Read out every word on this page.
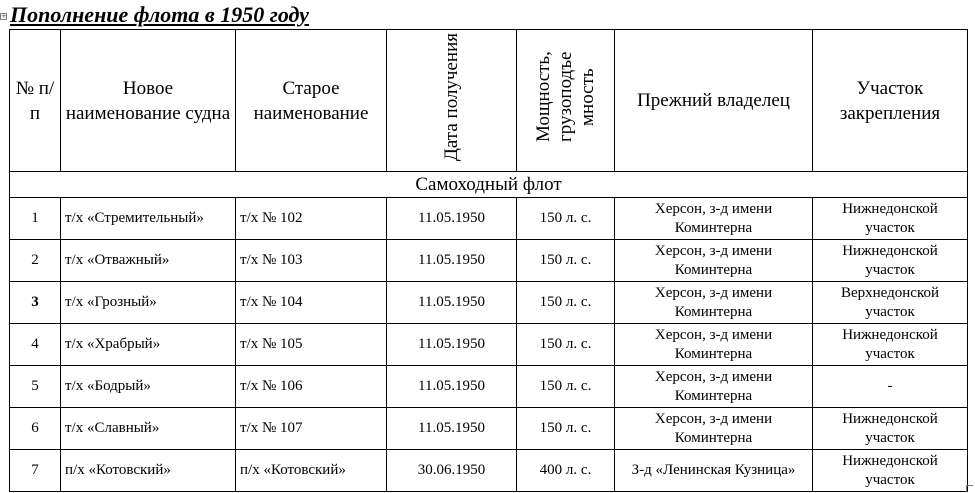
+ Пополнение флота в 1950 году
№ п/п	Новое наименование судна	Старое наименование	Дата получения	Мощность, грузоподъе мность	Прежний владелец	Участок закрепления
Самоходный флот						
1	т/х «Стремительный»	т/х № 102	11.05.1950	150 л. с.	Херсон, з-д имени Коминтерна	Нижнедонской участок
2	т/х «Отважный»	т/х № 103	11.05.1950	150 л. с.	Херсон, з-д имени Коминтерна	Нижнедонской участок
3	т/х «Грозный»	т/х № 104	11.05.1950	150 л. с.	Херсон, з-д имени Коминтерна	Верхнедонской участок
4	т/х «Храбрый»	т/х № 105	11.05.1950	150 л. с.	Херсон, з-д имени Коминтерна	Нижнедонской участок
5	т/х «Бодрый»	т/х № 106	11.05.1950	150 л. с.	Херсон, з-д имени Коминтерна	-
6	т/х «Славный»	т/х № 107	11.05.1950	150 л. с.	Херсон, з-д имени Коминтерна	Нижнедонской участок
7	п/х «Котовский»	п/х «Котовский»	30.06.1950	400 л. с.	З-д «Ленинская Кузница»	Нижнедонской участок
